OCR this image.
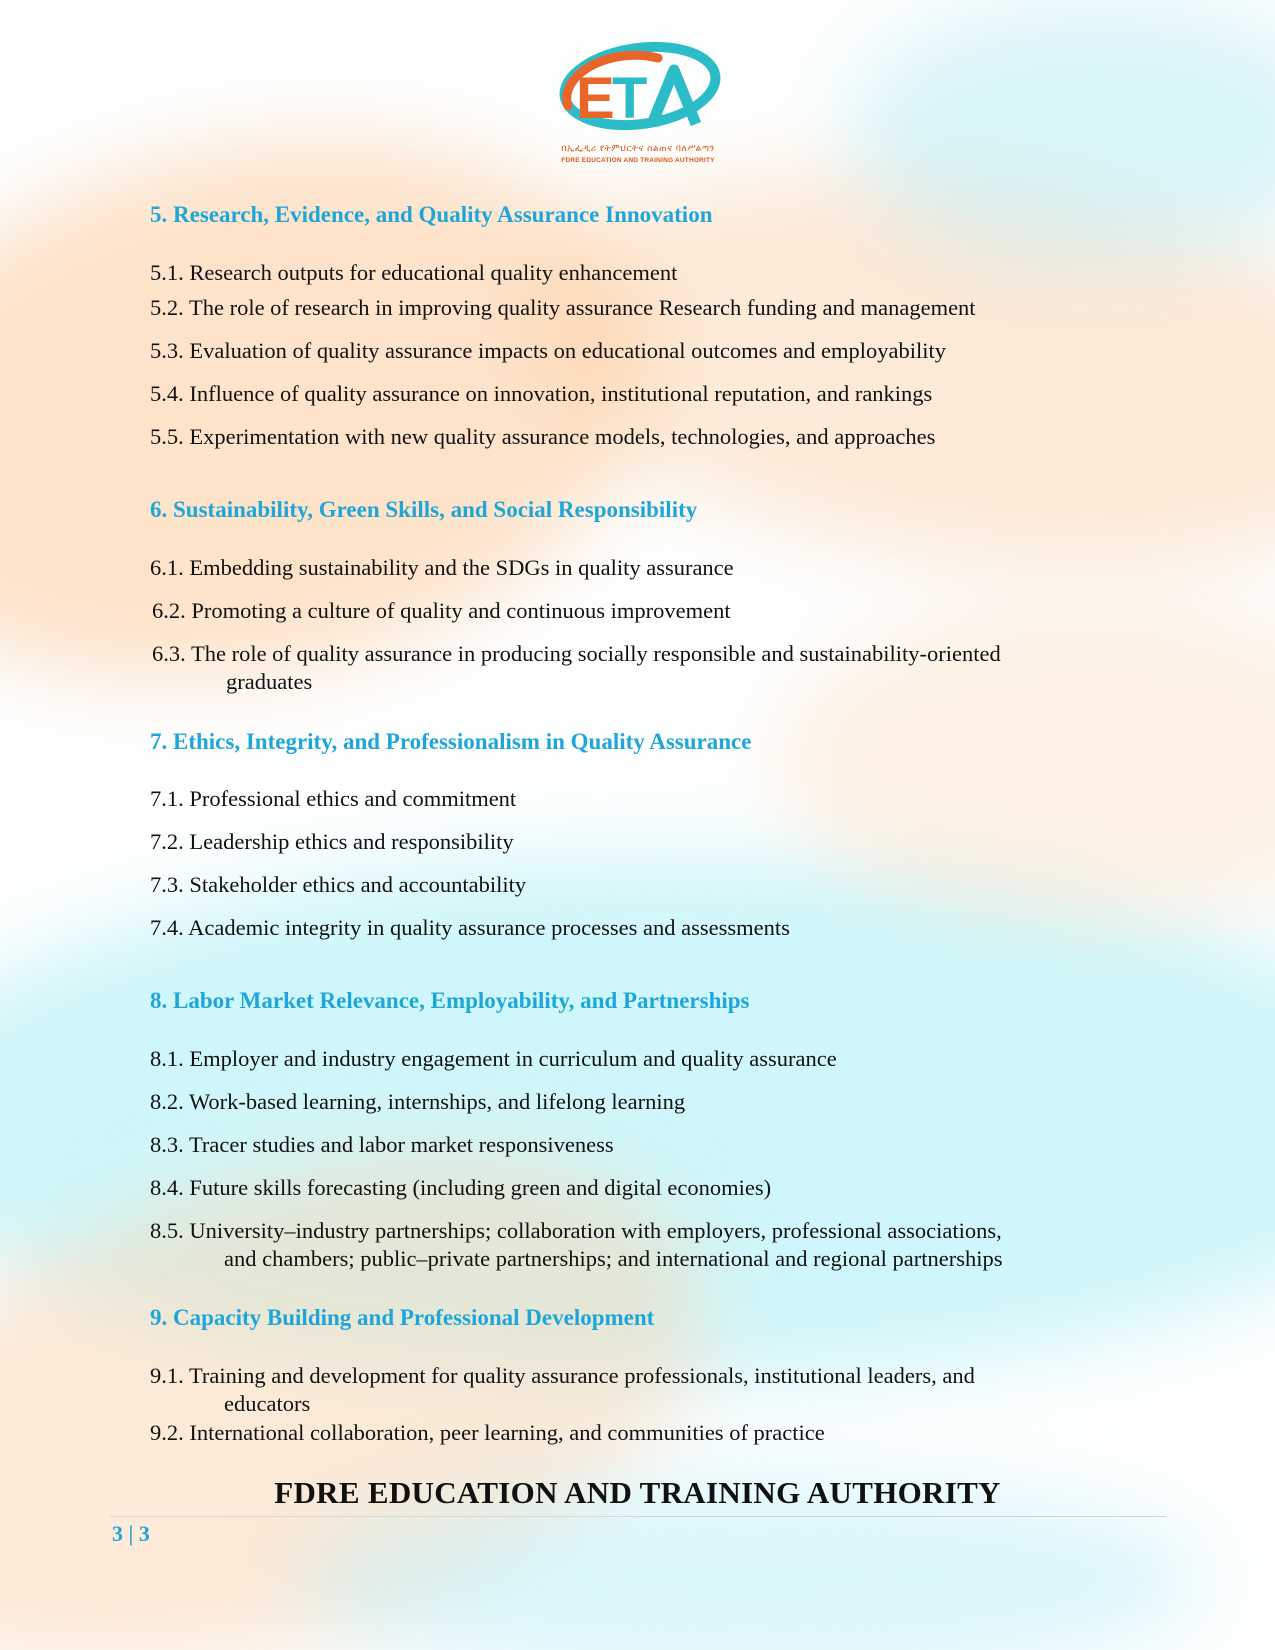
E
T
በኢፌዲሪ የትምህርትና ስልጠና ባለሥልጣን
FDRE EDUCATION AND TRAINING AUTHORITY
5. Research, Evidence, and Quality Assurance Innovation
5.1. Research outputs for educational quality enhancement
5.2. The role of research in improving quality assurance Research funding and management
5.3. Evaluation of quality assurance impacts on educational outcomes and employability
5.4. Influence of quality assurance on innovation, institutional reputation, and rankings
5.5. Experimentation with new quality assurance models, technologies, and approaches
6. Sustainability, Green Skills, and Social Responsibility
6.1. Embedding sustainability and the SDGs in quality assurance
6.2. Promoting a culture of quality and continuous improvement
6.3. The role of quality assurance in producing socially responsible and sustainability-oriented
graduates
7. Ethics, Integrity, and Professionalism in Quality Assurance
7.1. Professional ethics and commitment
7.2. Leadership ethics and responsibility
7.3. Stakeholder ethics and accountability
7.4. Academic integrity in quality assurance processes and assessments
8. Labor Market Relevance, Employability, and Partnerships
8.1. Employer and industry engagement in curriculum and quality assurance
8.2. Work-based learning, internships, and lifelong learning
8.3. Tracer studies and labor market responsiveness
8.4. Future skills forecasting (including green and digital economies)
8.5. University–industry partnerships; collaboration with employers, professional associations,
and chambers; public–private partnerships; and international and regional partnerships
9. Capacity Building and Professional Development
9.1. Training and development for quality assurance professionals, institutional leaders, and
educators
9.2. International collaboration, peer learning, and communities of practice
FDRE EDUCATION AND TRAINING AUTHORITY
3 | 3
